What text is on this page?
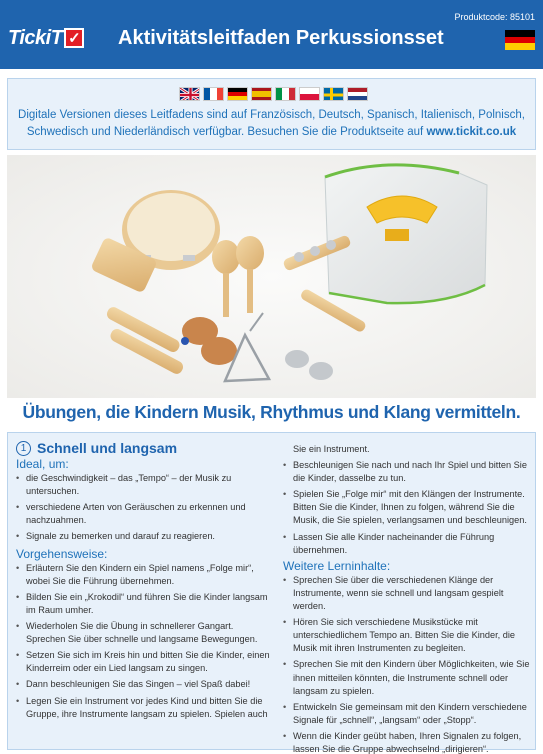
TickiT ✓ Aktivitätsleitfaden Perkussionsset
Produktcode: 85101
Digitale Versionen dieses Leitfadens sind auf Französisch, Deutsch, Spanisch, Italienisch, Polnisch, Schwedisch und Niederländisch verfügbar. Besuchen Sie die Produktseite auf www.tickit.co.uk
Übungen, die Kindern Musik, Rhythmus und Klang vermitteln.
1 Schnell und langsam
Ideal, um:
• die Geschwindigkeit – das „Tempo“ – der Musik zu untersuchen.
• verschiedene Arten von Geräuschen zu erkennen und nachzuahmen.
• Signale zu bemerken und darauf zu reagieren.
Vorgehensweise:
• Erläutern Sie den Kindern ein Spiel namens „Folge mir“, wobei Sie die Führung übernehmen.
• Bilden Sie ein „Krokodil“ und führen Sie die Kinder langsam im Raum umher.
• Wiederholen Sie die Übung in schnellerer Gangart. Sprechen Sie über schnelle und langsame Bewegungen.
• Setzen Sie sich im Kreis hin und bitten Sie die Kinder, einen Kinderreim oder ein Lied langsam zu singen.
• Dann beschleunigen Sie das Singen – viel Spaß dabei!
• Legen Sie ein Instrument vor jedes Kind und bitten Sie die Gruppe, ihre Instrumente langsam zu spielen. Spielen auch
Sie ein Instrument.
• Beschleunigen Sie nach und nach Ihr Spiel und bitten Sie die Kinder, dasselbe zu tun.
• Spielen Sie „Folge mir“ mit den Klängen der Instrumente. Bitten Sie die Kinder, Ihnen zu folgen, während Sie die Musik, die Sie spielen, verlangsamen und beschleunigen.
• Lassen Sie alle Kinder nacheinander die Führung übernehmen.
Weitere Lerninhalte:
• Sprechen Sie über die verschiedenen Klänge der Instrumente, wenn sie schnell und langsam gespielt werden.
• Hören Sie sich verschiedene Musikstücke mit unterschiedlichem Tempo an. Bitten Sie die Kinder, die Musik mit ihren Instrumenten zu begleiten.
• Sprechen Sie mit den Kindern über Möglichkeiten, wie Sie ihnen mitteilen könnten, die Instrumente schnell oder langsam zu spielen.
• Entwickeln Sie gemeinsam mit den Kindern verschiedene Signale für „schnell“, „langsam“ oder „Stopp“.
• Wenn die Kinder geübt haben, Ihren Signalen zu folgen, lassen Sie die Gruppe abwechselnd „dirigieren“.
